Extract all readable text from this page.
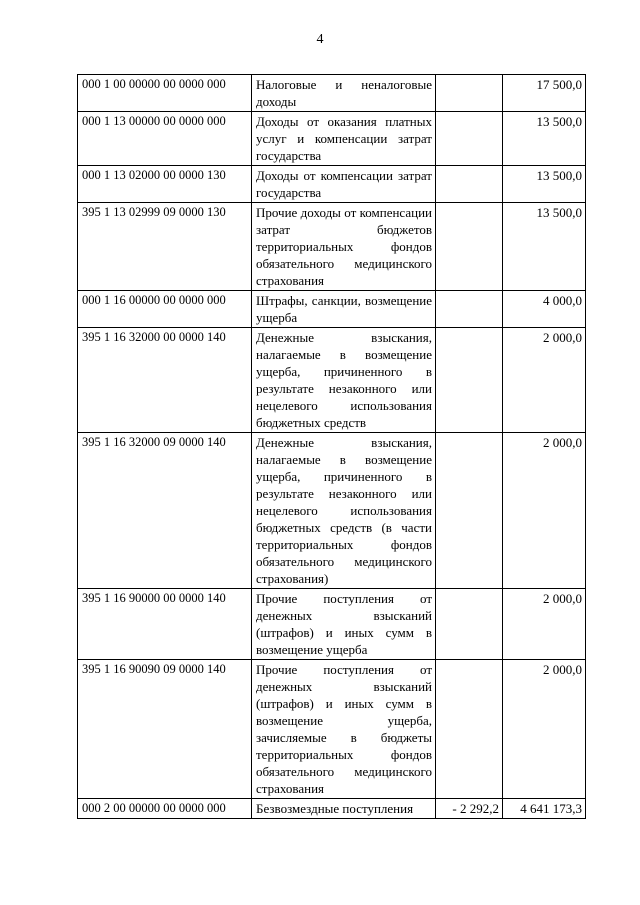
4
000 1 00 00000 00 0000 000	Налоговые и неналоговые доходы		17 500,0
000 1 13 00000 00 0000 000	Доходы от оказания платных услуг и компенсации затрат государства		13 500,0
000 1 13 02000 00 0000 130	Доходы от компенсации затрат государства		13 500,0
395 1 13 02999 09 0000 130	Прочие доходы от компенсации затрат бюджетов территориальных фондов обязательного медицинского страхования		13 500,0
000 1 16 00000 00 0000 000	Штрафы, санкции, возмещение ущерба		4 000,0
395 1 16 32000 00 0000 140	Денежные взыскания, налагаемые в возмещение ущерба, причиненного в результате незаконного или нецелевого использования бюджетных средств		2 000,0
395 1 16 32000 09 0000 140	Денежные взыскания, налагаемые в возмещение ущерба, причиненного в результате незаконного или нецелевого использования бюджетных средств (в части территориальных фондов обязательного медицинского страхования)		2 000,0
395 1 16 90000 00 0000 140	Прочие поступления от денежных взысканий (штрафов) и иных сумм в возмещение ущерба		2 000,0
395 1 16 90090 09 0000 140	Прочие поступления от денежных взысканий (штрафов) и иных сумм в возмещение ущерба, зачисляемые в бюджеты территориальных фондов обязательного медицинского страхования		2 000,0
000 2 00 00000 00 0000 000	Безвозмездные поступления	- 2 292,2	4 641 173,3
